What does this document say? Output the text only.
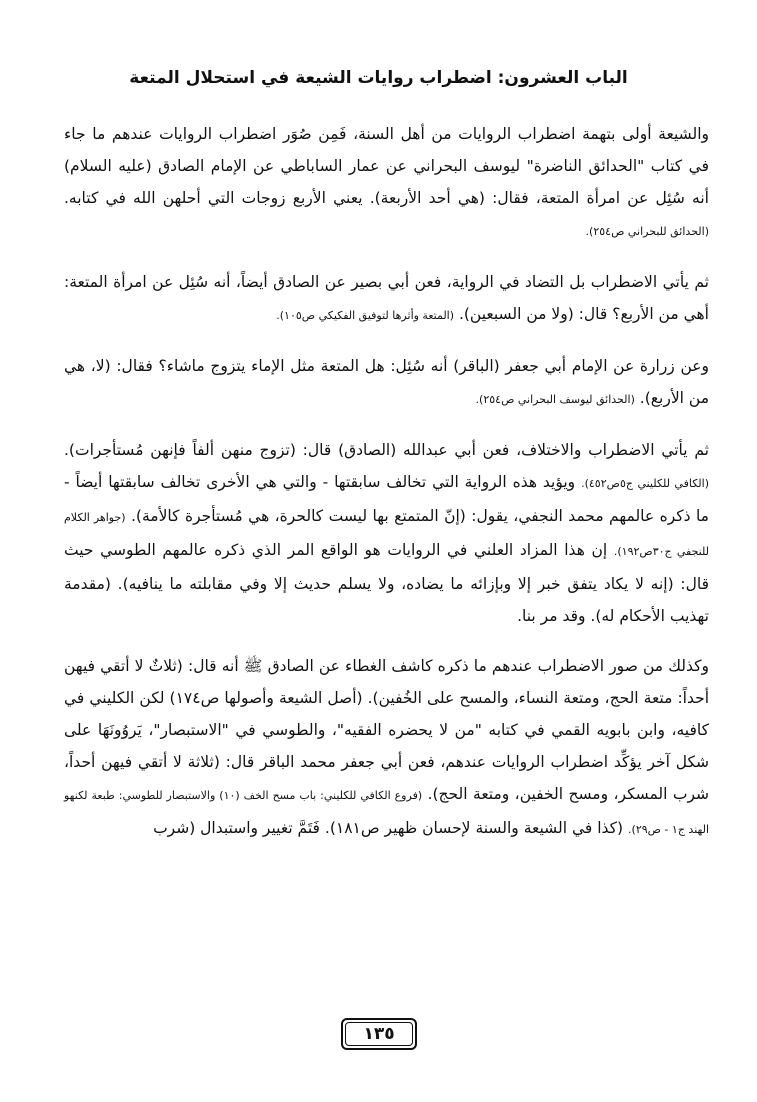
الباب العشرون: اضطراب روايات الشيعة في استحلال المتعة

والشيعة أولى بتهمة اضطراب الروايات من أهل السنة، فَمِن صُوَر اضطراب الروايات عندهم ما جاء في كتاب "الحدائق الناضرة" ليوسف البحراني عن عمار الساباطي عن الإمام الصادق (عليه السلام) أنه سُئِل عن امرأة المتعة، فقال: (هي أحد الأربعة). يعني الأربع زوجات التي أحلهن الله في كتابه. (الحدائق للبحراني ص٢٥٤).

ثم يأتي الاضطراب بل التضاد في الرواية، فعن أبي بصير عن الصادق أيضاً، أنه سُئِل عن امرأة المتعة: أهي من الأربع؟ قال: (ولا من السبعين). (المتعة وأثرها لتوفيق الفكيكي ص١٠٥).

وعن زرارة عن الإمام أبي جعفر (الباقر) أنه سُئِل: هل المتعة مثل الإماء يتزوج ماشاء؟ فقال: (لا، هي من الأربع). (الحدائق ليوسف البحراني ص٢٥٤).

ثم يأتي الاضطراب والاختلاف، فعن أبي عبدالله (الصادق) قال: (تزوج منهن ألفاً فإنهن مُستأجرات). (الكافي للكليني ج٥ص٤٥٢). ويؤيد هذه الرواية التي تخالف سابقتها - والتي هي الأخرى تخالف سابقتها أيضاً - ما ذكره عالمهم محمد النجفي، يقول: (إنّ المتمتع بها ليست كالحرة، هي مُستأجرة كالأمة). (جواهر الكلام للنجفي ج٣٠ص١٩٢). إن هذا المزاد العلني في الروايات هو الواقع المر الذي ذكره عالمهم الطوسي حيث قال: (إنه لا يكاد يتفق خبر إلا وبإزائه ما يضاده، ولا يسلم حديث إلا وفي مقابلته ما ينافيه). (مقدمة تهذيب الأحكام له). وقد مر بنا.

وكذلك من صور الاضطراب عندهم ما ذكره كاشف الغطاء عن الصادق ﷺ أنه قال: (ثلاثٌ لا أتقي فيهن أحداً: متعة الحج، ومتعة النساء، والمسح على الخُفين). (أصل الشيعة وأصولها ص١٧٤) لكن الكليني في كافيه، وابن بابويه القمي في كتابه "من لا يحضره الفقيه"، والطوسي في "الاستبصار"، يَروُونَهَا على شكل آخر يؤكِّد اضطراب الروايات عندهم، فعن أبي جعفر محمد الباقر قال: (ثلاثة لا أتقي فيهن أحداً، شرب المسكر، ومسح الخفين، ومتعة الحج). (فروع الكافي للكليني: باب مسح الخف (١٠) والاستبصار للطوسي: طبعة لكنهو الهند ج١ - ص٢٩). (كذا في الشيعة والسنة لإحسان ظهير ص١٨١). فَتَمَّ تغيير واستبدال (شرب

١٣٥
